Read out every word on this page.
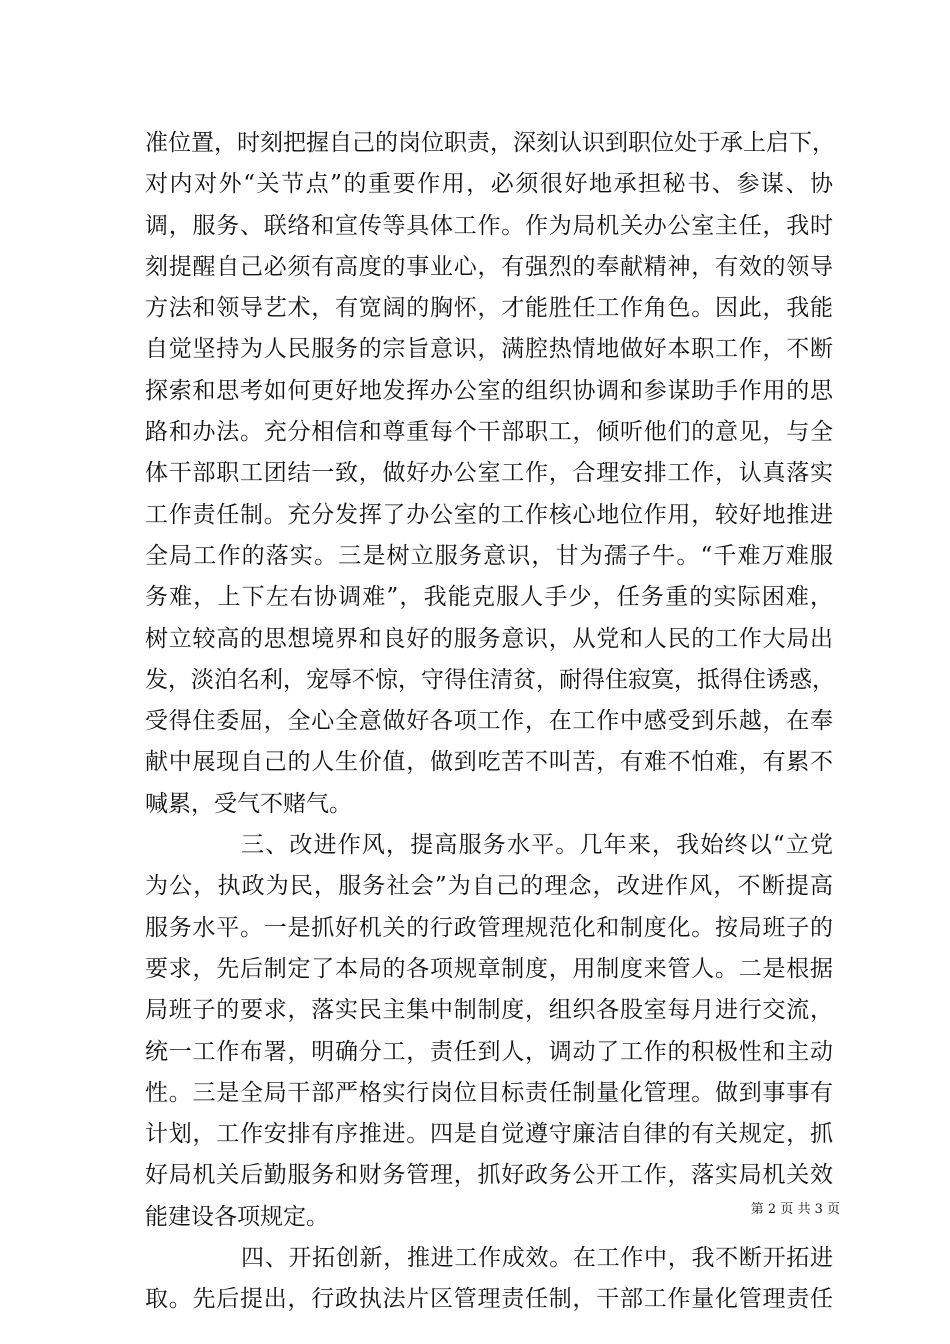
准位置，时刻把握自己的岗位职责，深刻认识到职位处于承上启下，
对内对外“关节点”的重要作用，必须很好地承担秘书、参谋、协
调，服务、联络和宣传等具体工作。作为局机关办公室主任，我时
刻提醒自己必须有高度的事业心，有强烈的奉献精神，有效的领导
方法和领导艺术，有宽阔的胸怀，才能胜任工作角色。因此，我能
自觉坚持为人民服务的宗旨意识，满腔热情地做好本职工作，不断
探索和思考如何更好地发挥办公室的组织协调和参谋助手作用的思
路和办法。充分相信和尊重每个干部职工，倾听他们的意见，与全
体干部职工团结一致，做好办公室工作，合理安排工作，认真落实
工作责任制。充分发挥了办公室的工作核心地位作用，较好地推进
全局工作的落实。三是树立服务意识，甘为孺子牛。“千难万难服
务难，上下左右协调难”，我能克服人手少，任务重的实际困难，
树立较高的思想境界和良好的服务意识，从党和人民的工作大局出
发，淡泊名利，宠辱不惊，守得住清贫，耐得住寂寞，抵得住诱惑，
受得住委屈，全心全意做好各项工作，在工作中感受到乐越，在奉
献中展现自己的人生价值，做到吃苦不叫苦，有难不怕难，有累不
喊累，受气不赌气。
三、改进作风，提高服务水平。几年来，我始终以“立党
为公，执政为民，服务社会”为自己的理念，改进作风，不断提高
服务水平。一是抓好机关的行政管理规范化和制度化。按局班子的
要求，先后制定了本局的各项规章制度，用制度来管人。二是根据
局班子的要求，落实民主集中制制度，组织各股室每月进行交流，
统一工作布署，明确分工，责任到人，调动了工作的积极性和主动
性。三是全局干部严格实行岗位目标责任制量化管理。做到事事有
计划，工作安排有序推进。四是自觉遵守廉洁自律的有关规定，抓
好局机关后勤服务和财务管理，抓好政务公开工作，落实局机关效
能建设各项规定。
四、开拓创新，推进工作成效。在工作中，我不断开拓进
取。先后提出，行政执法片区管理责任制，干部工作量化管理责任
第 2 页 共 3 页
